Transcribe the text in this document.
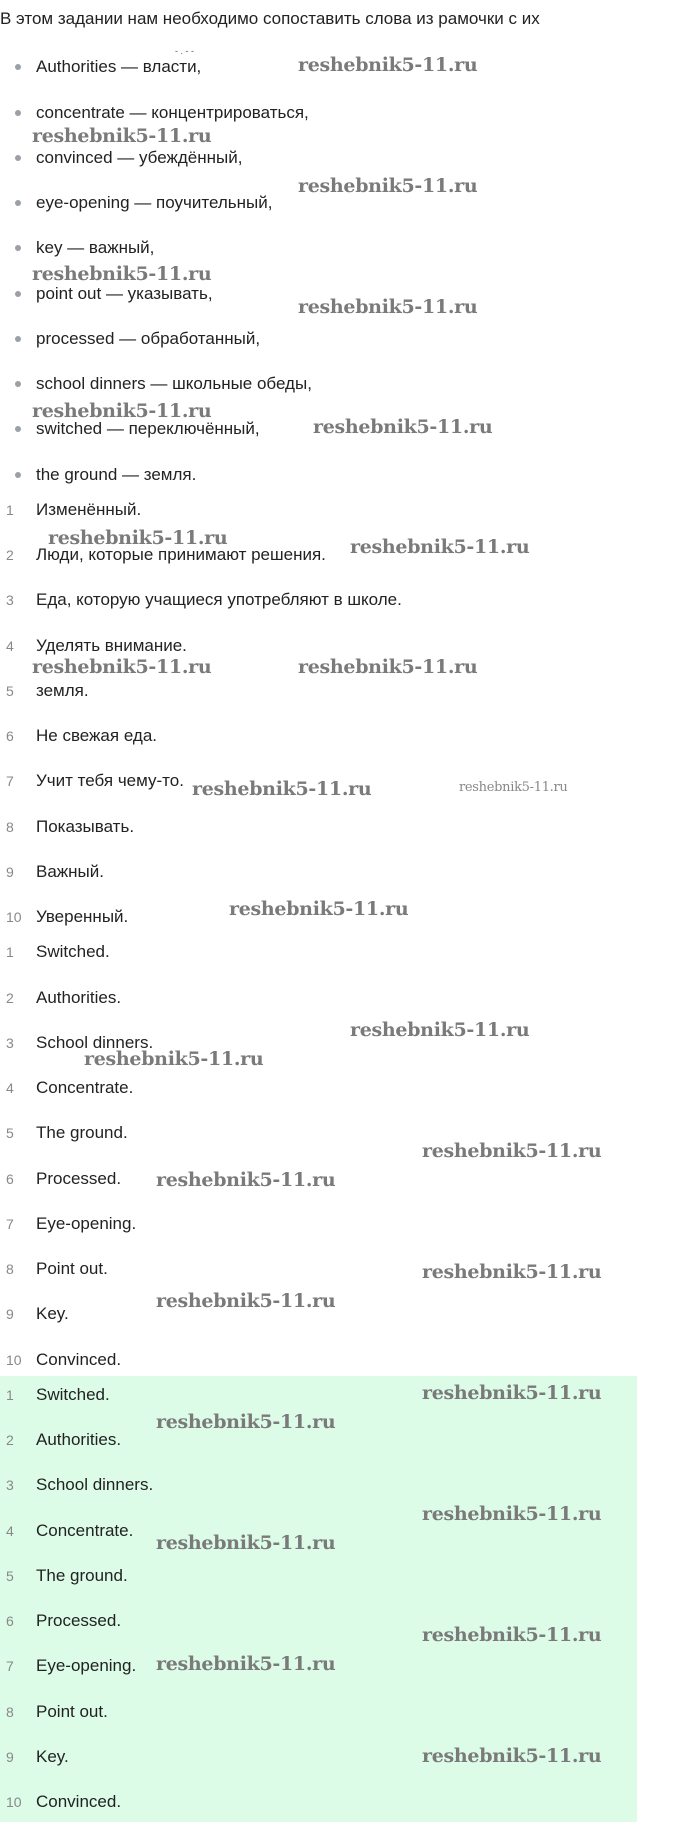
В этом задании нам необходимо сопоставить слова из рамочки с их
- . - -
Authorities — власти,
concentrate — концентрироваться,
convinced — убеждённый,
eye-opening — поучительный,
key — важный,
point out — указывать,
processed — обработанный,
school dinners — школьные обеды,
switched — переключённый,
the ground — земля.
1	Изменённый.
2	Люди, которые принимают решения.
3	Еда, которую учащиеся употребляют в школе.
4	Уделять внимание.
5	земля.
6	Не свежая еда.
7	Учит тебя чему-то.
8	Показывать.
9	Важный.
10 Уверенный.
1	Switched.
2	Authorities.
3	School dinners.
4	Concentrate.
5	The ground.
6	Processed.
7	Eye-opening.
8	Point out.
9	Key.
10 Convinced.
1	Switched.
2	Authorities.
3	School dinners.
4	Concentrate.
5	The ground.
6	Processed.
7	Eye-opening.
8	Point out.
9	Key.
10 Convinced.
reshebnik5-11.ru
reshebnik5-11.ru
reshebnik5-11.ru
reshebnik5-11.ru
reshebnik5-11.ru
reshebnik5-11.ru
reshebnik5-11.ru
reshebnik5-11.ru	reshebnik5-11.ru
reshebnik5-11.ru	reshebnik5-11.ru
reshebnik5-11.ru	reshebnik5-11.ru
reshebnik5-11.ru
reshebnik5-11.ru
reshebnik5-11.ru
reshebnik5-11.ru
reshebnik5-11.ru
reshebnik5-11.ru
reshebnik5-11.ru
reshebnik5-11.ru
reshebnik5-11.ru
reshebnik5-11.ru
reshebnik5-11.ru
reshebnik5-11.ru
reshebnik5-11.ru
reshebnik5-11.ru
